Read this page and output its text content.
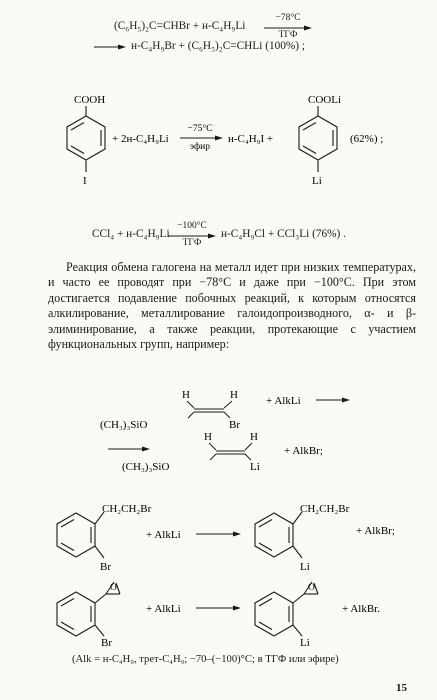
(C₆H₅)₂C=CHBr + н-C₄H₉Li
−78°C
ТГФ
н-C₄H₉Br + (C₆H₅)₂C=CHLi (100%) ;
COOH
I
+ 2н-C₄H₉Li
−75°C
эфир
н-C₄H₉I +
COOLi
Li
(62%) ;
CCl₄ + н-C₄H₉Li
−100°C
ТГФ
н-C₄H₉Cl + CCl₃Li (76%) .

Реакция обмена галогена на металл идет при низких температурах, и часто ее проводят при −78°C и даже при −100°C. При этом достигается подавление побочных реакций, к которым относятся алкилирование, металлирование галоидопроизводного, α- и β-элиминирование, а также реакции, протекающие с участием функциональных групп, например:

H	H
(CH₃)₃SiO	Br
+ AlkLi
H	H
(CH₃)₃SiO	Li
+ AlkBr;
CH₂CH₂Br
Br
+ AlkLi
CH₂CH₂Br
Li
+ AlkBr;
O
Br
+ AlkLi
O
Li
+ AlkBr.
(Alk = н-C₄H₉, трет-C₄H₉; −70–(−100)°C; в ТГФ или эфире)
15
